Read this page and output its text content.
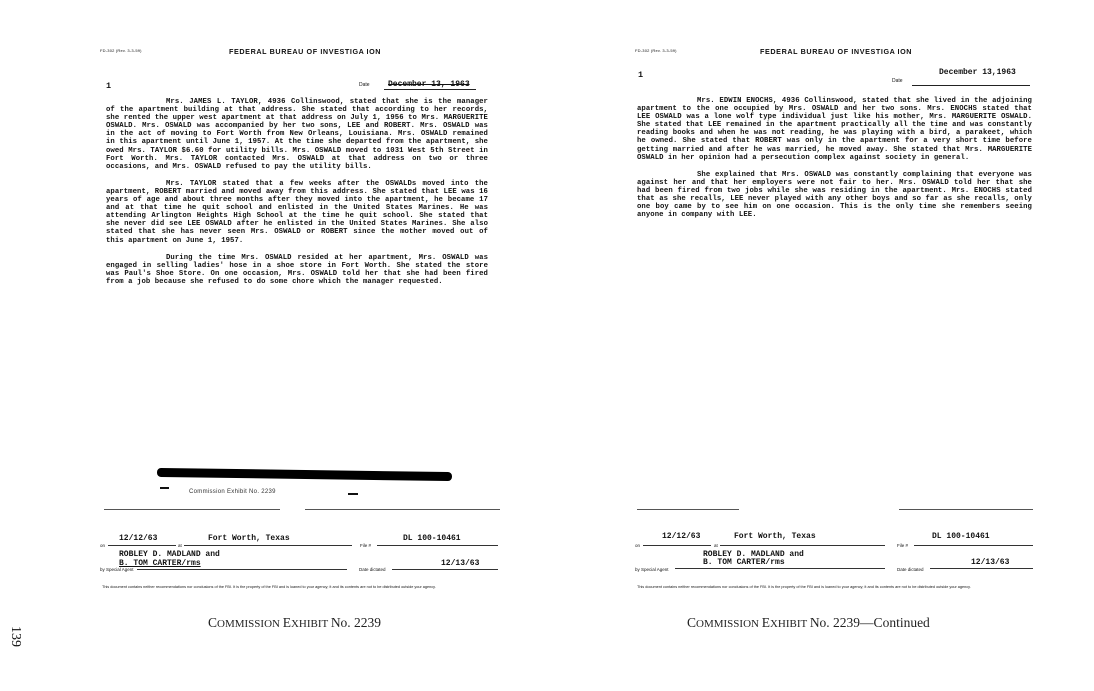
FD-302 (Rev. 3-3-59)	FEDERAL BUREAU OF INVESTIGA ION
1	Date	December 13, 1963

Mrs. JAMES L. TAYLOR, 4936 Collinswood, stated that she is the manager of the apartment building at that address. She stated that according to her records, she rented the upper west apartment at that address on July 1, 1956 to Mrs. MARGUERITE OSWALD. Mrs. OSWALD was accompanied by her two sons, LEE and ROBERT. Mrs. OSWALD was in the act of moving to Fort Worth from New Orleans, Louisiana. Mrs. OSWALD remained in this apartment until June 1, 1957. At the time she departed from the apartment, she owed Mrs. TAYLOR $6.60 for utility bills. Mrs. OSWALD moved to 1031 West 5th Street in Fort Worth. Mrs. TAYLOR contacted Mrs. OSWALD at that address on two or three occasions, and Mrs. OSWALD refused to pay the utility bills.

Mrs. TAYLOR stated that a few weeks after the OSWALDs moved into the apartment, ROBERT married and moved away from this address. She stated that LEE was 16 years of age and about three months after they moved into the apartment, he became 17 and at that time he quit school and enlisted in the United States Marines. He was attending Arlington Heights High School at the time he quit school. She stated that she never did see LEE OSWALD after he enlisted in the United States Marines. She also stated that she has never seen Mrs. OSWALD or ROBERT since the mother moved out of this apartment on June 1, 1957.

During the time Mrs. OSWALD resided at her apartment, Mrs. OSWALD was engaged in selling ladies' hose in a shoe store in Fort Worth. She stated the store was Paul's Shoe Store. On one occasion, Mrs. OSWALD told her that she had been fired from a job because she refused to do some chore which the manager requested.

Commission Exhibit No. 2239
on
12/12/63
at
Fort Worth, Texas
File #
DL 100-10461
ROBLEY D. MADLAND and
by Special Agent
B. TOM CARTER/rms
Date dictated
12/13/63
This document contains neither recommendations nor conclusions of the FBI. It is the property of the FBI and is loaned to your agency; it and its contents are not to be distributed outside your agency.
FD-302 (Rev. 3-3-59)	FEDERAL BUREAU OF INVESTIGA ION
1	December 13,1963
Date

Mrs. EDWIN ENOCHS, 4936 Collinswood, stated that she lived in the adjoining apartment to the one occupied by Mrs. OSWALD and her two sons. Mrs. ENOCHS stated that LEE OSWALD was a lone wolf type individual just like his mother, Mrs. MARGUERITE OSWALD. She stated that LEE remained in the apartment practically all the time and was constantly reading books and when he was not reading, he was playing with a bird, a parakeet, which he owned. She stated that ROBERT was only in the apartment for a very short time before getting married and after he was married, he moved away. She stated that Mrs. MARGUERITE OSWALD in her opinion had a persecution complex against society in general.

She explained that Mrs. OSWALD was constantly complaining that everyone was against her and that her employers were not fair to her. Mrs. OSWALD told her that she had been fired from two jobs while she was residing in the apartment. Mrs. ENOCHS stated that as she recalls, LEE never played with any other boys and so far as she recalls, only one boy came by to see him on one occasion. This is the only time she remembers seeing anyone in company with LEE.

on
12/12/63
at
Fort Worth, Texas
File #
DL 100-10461
ROBLEY D. MADLAND and
by Special Agent
B. TOM CARTER/rms
Date dictated
12/13/63
This document contains neither recommendations nor conclusions of the FBI. It is the property of the FBI and is loaned to your agency; it and its contents are not to be distributed outside your agency.
COMMISSION EXHIBIT No. 2239	COMMISSION EXHIBIT No. 2239—Continued
139
